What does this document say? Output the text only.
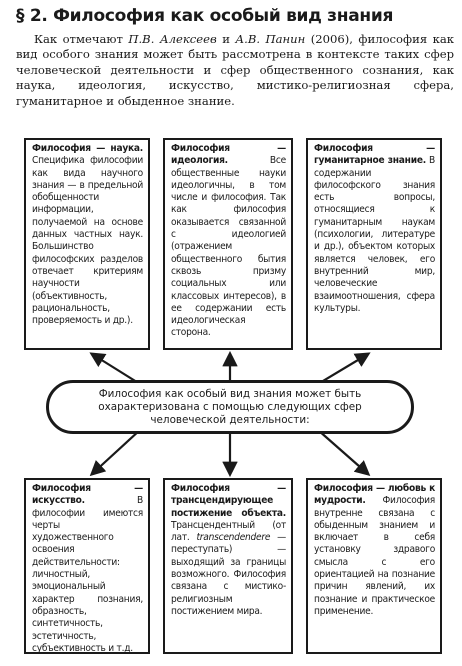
§ 2. Философия как особый вид знания

Как отмечают П.В. Алексеев и А.В. Панин (2006), философия как вид особого знания может быть рассмотрена в контексте таких сфер человеческой деятельности и сфер общественного сознания, как наука, идеология, искусство, мистико-религиозная сфера, гуманитарное и обыденное знание.

Философия — наука. Специфика философии как вида научного знания — в предельной обобщенности информации, получаемой на основе данных частных наук. Большинство философских разделов отвечает критериям научности (объективность, рациональность, проверяемость и др.).
Философия — идеология. Все общественные науки идеологичны, в том числе и философия. Так как философия оказывается связанной с идеологией (отражением общественного бытия сквозь призму социальных или классовых интересов), в ее содержании есть идеологическая сторона.
Философия — гуманитарное знание. В содержании философского знания есть вопросы, относящиеся к гуманитарным наукам (психологии, литературе и др.), объектом которых является человек, его внутренний мир, человеческие взаимоотношения, сфера культуры.
Философия как особый вид знания может быть охарактеризована с помощью следующих сфер человеческой деятельности:
Философия — искусство. В философии имеются черты художественного освоения действительности: личностный, эмоциональный характер познания, образность, синтетичность, эстетичность, субъективность и т.д.
Философия — трансцендирующее постижение объекта. Трансцендентный (от лат. transcendendere — переступать) — выходящий за границы возможного. Философия связана с мистико-религиозным постижением мира.
Философия — любовь к мудрости. Философия внутренне связана с обыденным знанием и включает в себя установку здравого смысла с его ориентацией на познание причин явлений, их познание и практическое применение.
